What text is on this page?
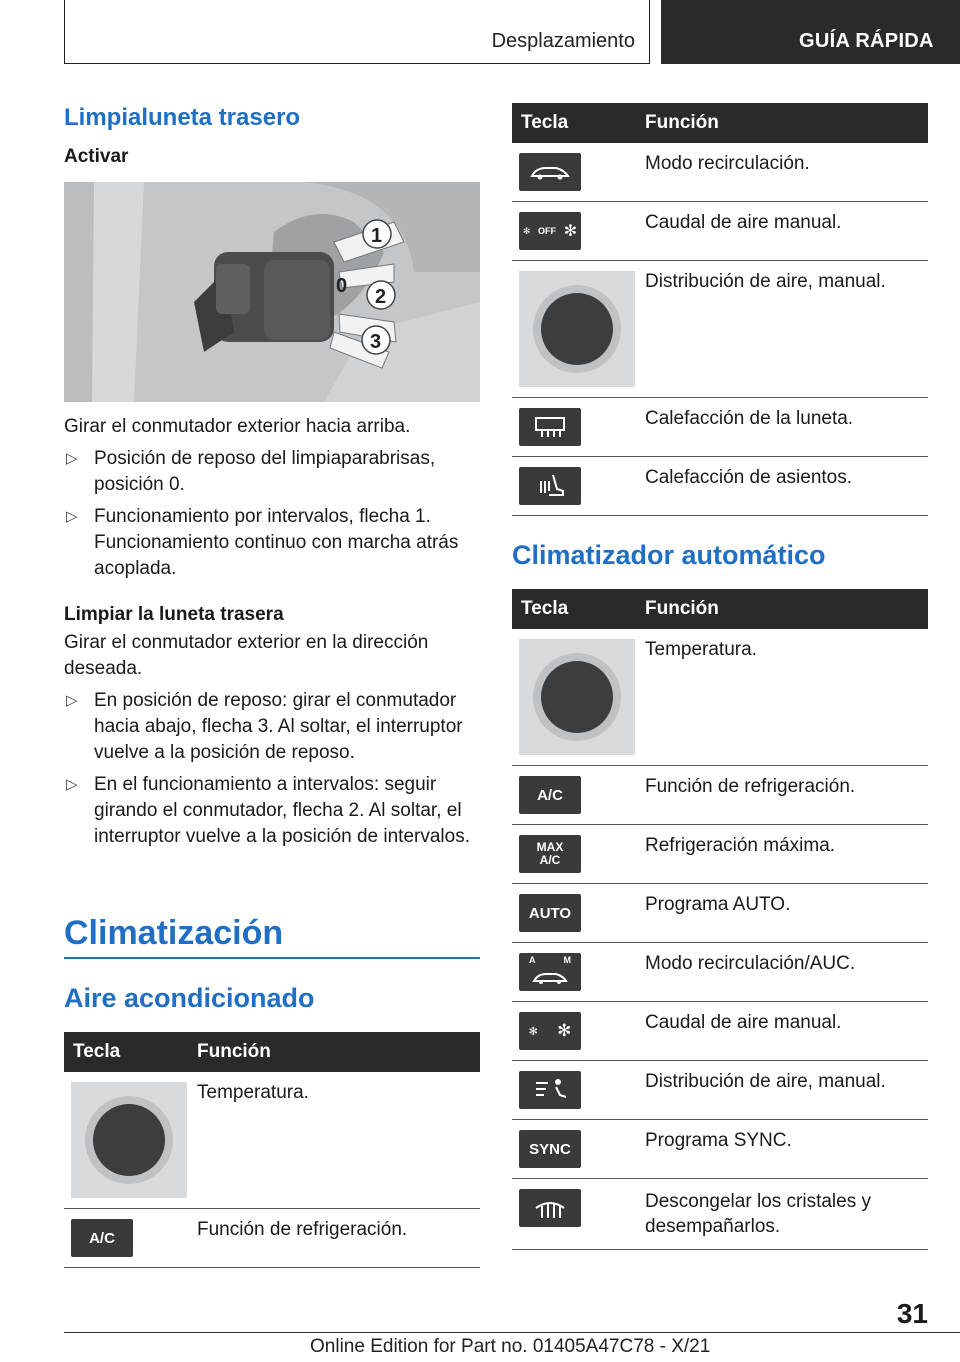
Desplazamiento	GUÍA RÁPIDA
Limpialuneta trasero
Activar
1
0 2
3

Girar el conmutador exterior hacia arriba.

▷ Posición de reposo del limpiaparabrisas, posición 0.
▷ Funcionamiento por intervalos, flecha 1. Funcionamiento continuo con marcha atrás acoplada.
Limpiar la luneta trasera

Girar el conmutador exterior en la dirección deseada.

▷ En posición de reposo: girar el conmutador hacia abajo, flecha 3. Al soltar, el interruptor vuelve a la posición de reposo.
▷ En el funcionamiento a intervalos: seguir girando el conmutador, flecha 2. Al soltar, el interruptor vuelve a la posición de intervalos.
Climatización
Aire acondicionado
Tecla	Función

	Temperatura.

A/C	Función de refrigeración.
Tecla	Función

	Modo recirculación.

✻ OFF ✻	Caudal de aire manual.

	Distribución de aire, manual.

	Calefacción de la luneta.

	Calefacción de asientos.
Climatizador automático
Tecla	Función

	Temperatura.

A/C	Función de refrigeración.

MAX
A/C	Refrigeración máxima.

AUTO	Programa AUTO.

A M	Modo recirculación/AUC.

✻ ✻	Caudal de aire manual.

	Distribución de aire, manual.

SYNC	Programa SYNC.

	Descongelar los cristales y desempañarlos.
31
Online Edition for Part no. 01405A47C78 - X/21
